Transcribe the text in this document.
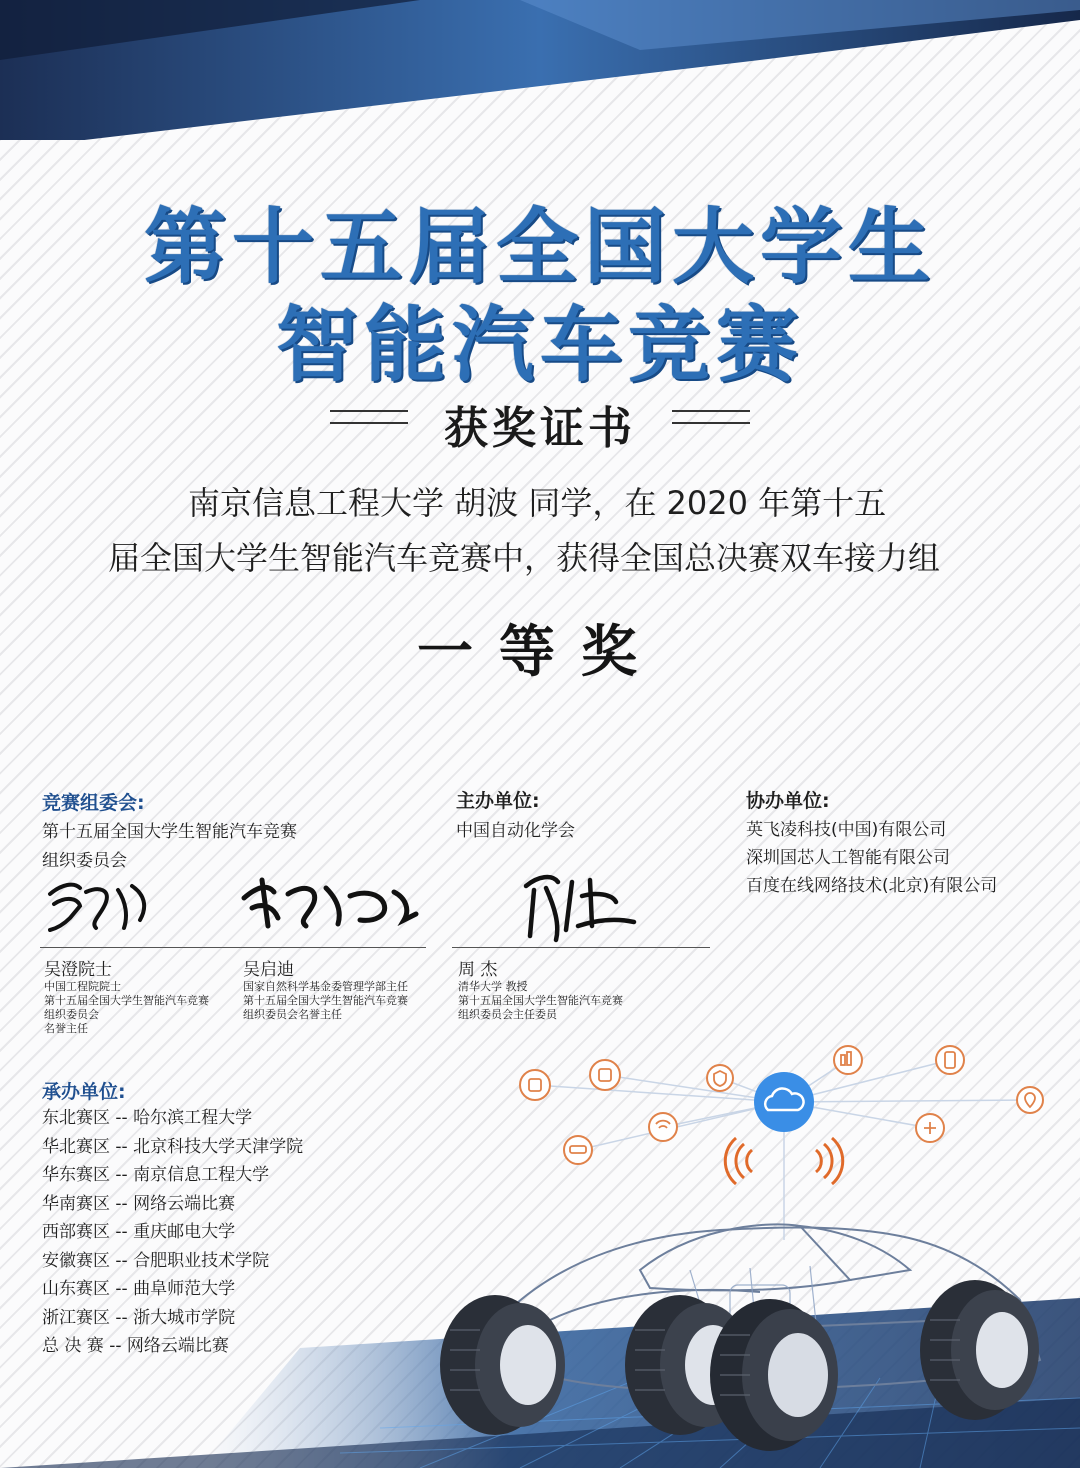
第十五届全国大学生
智能汽车竞赛
获奖证书
南京信息工程大学 胡波 同学，在 2020 年第十五
届全国大学生智能汽车竞赛中，获得全国总决赛双车接力组
一等奖
竞赛组委会:
第十五届全国大学生智能汽车竞赛
组织委员会
主办单位:
中国自动化学会
协办单位:
英飞凌科技(中国)有限公司
深圳国芯人工智能有限公司
百度在线网络技术(北京)有限公司
吴澄院士
中国工程院院士
第十五届全国大学生智能汽车竞赛
组织委员会
名誉主任
吴启迪
国家自然科学基金委管理学部主任
第十五届全国大学生智能汽车竞赛
组织委员会名誉主任
周 杰
清华大学 教授
第十五届全国大学生智能汽车竞赛
组织委员会主任委员
承办单位:
东北赛区 -- 哈尔滨工程大学
华北赛区 -- 北京科技大学天津学院
华东赛区 -- 南京信息工程大学
华南赛区 -- 网络云端比赛
西部赛区 -- 重庆邮电大学
安徽赛区 -- 合肥职业技术学院
山东赛区 -- 曲阜师范大学
浙江赛区 -- 浙大城市学院
总 决 赛 -- 网络云端比赛
